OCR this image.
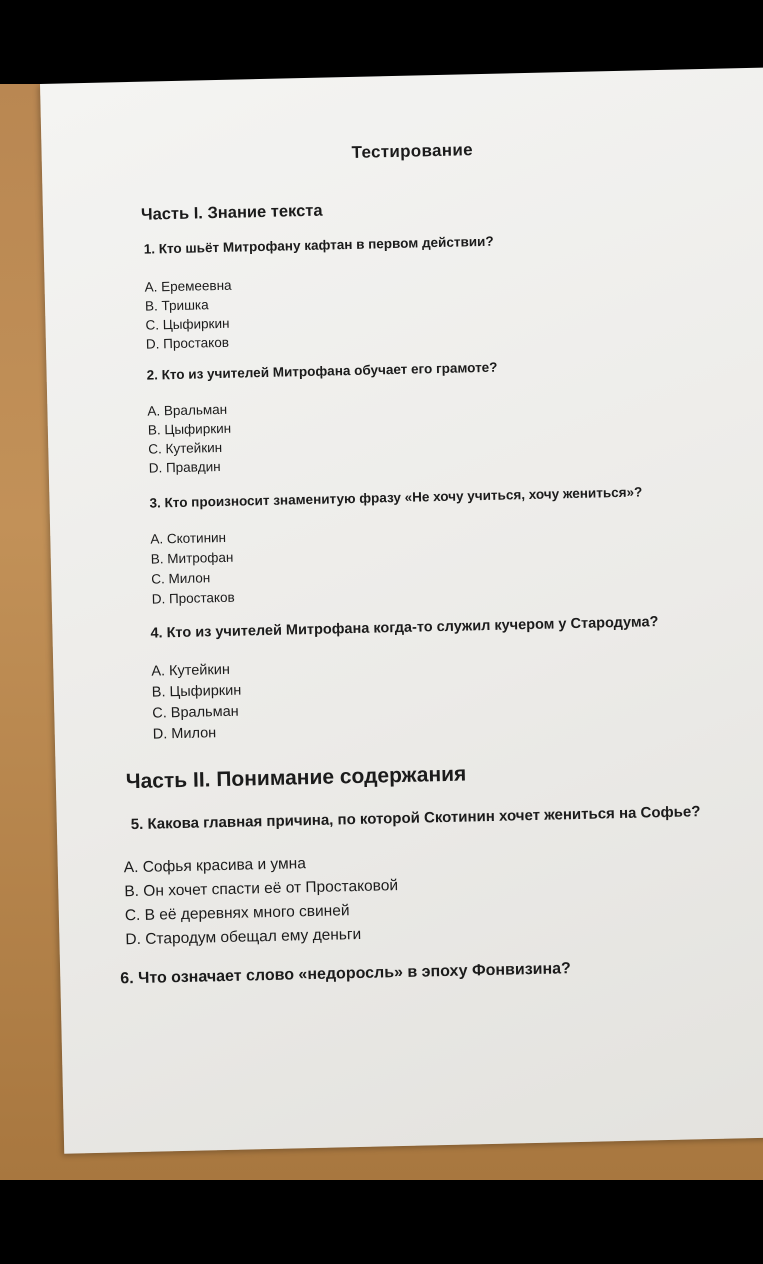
Тестирование
Часть I. Знание текста
1. Кто шьёт Митрофану кафтан в первом действии?
А. Еремеевна
В. Тришка
С. Цыфиркин
D. Простаков
2. Кто из учителей Митрофана обучает его грамоте?
А. Вральман
В. Цыфиркин
С. Кутейкин
D. Правдин
3. Кто произносит знаменитую фразу «Не хочу учиться, хочу жениться»?
А. Скотинин
В. Митрофан
С. Милон
D. Простаков
4. Кто из учителей Митрофана когда-то служил кучером у Стародума?
А. Кутейкин
В. Цыфиркин
С. Вральман
D. Милон
Часть II. Понимание содержания
5. Какова главная причина, по которой Скотинин хочет жениться на Софье?
А. Софья красива и умна
В. Он хочет спасти её от Простаковой
С. В её деревнях много свиней
D. Стародум обещал ему деньги
6. Что означает слово «недоросль» в эпоху Фонвизина?
